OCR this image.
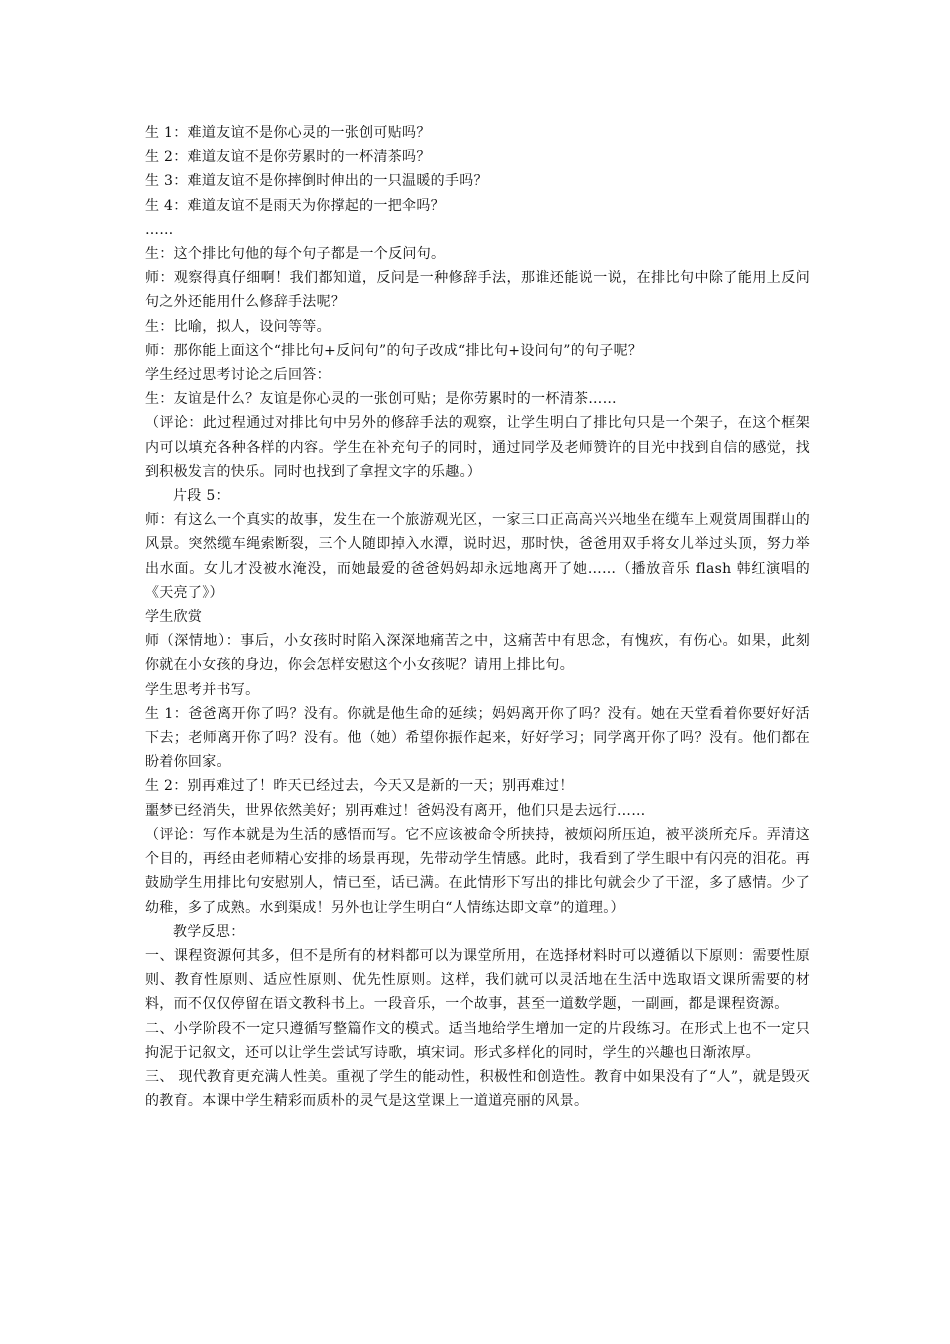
生 1：难道友谊不是你心灵的一张创可贴吗？

生 2：难道友谊不是你劳累时的一杯清茶吗？

生 3：难道友谊不是你摔倒时伸出的一只温暖的手吗？

生 4：难道友谊不是雨天为你撑起的一把伞吗？

……

生：这个排比句他的每个句子都是一个反问句。

师：观察得真仔细啊！我们都知道，反问是一种修辞手法，那谁还能说一说，在排比句中除了能用上反问句之外还能用什么修辞手法呢？

生：比喻，拟人，设问等等。

师：那你能上面这个“排比句+反问句”的句子改成“排比句+设问句”的句子呢？

学生经过思考讨论之后回答：

生：友谊是什么？友谊是你心灵的一张创可贴；是你劳累时的一杯清茶……

（评论：此过程通过对排比句中另外的修辞手法的观察，让学生明白了排比句只是一个架子，在这个框架内可以填充各种各样的内容。学生在补充句子的同时，通过同学及老师赞许的目光中找到自信的感觉，找到积极发言的快乐。同时也找到了拿捏文字的乐趣。）

片段 5：

师：有这么一个真实的故事，发生在一个旅游观光区，一家三口正高高兴兴地坐在缆车上观赏周围群山的风景。突然缆车绳索断裂，三个人随即掉入水潭，说时迟，那时快，爸爸用双手将女儿举过头顶，努力举出水面。女儿才没被水淹没，而她最爱的爸爸妈妈却永远地离开了她……（播放音乐 flash 韩红演唱的《天亮了》）

学生欣赏

师（深情地）：事后，小女孩时时陷入深深地痛苦之中，这痛苦中有思念，有愧疚，有伤心。如果，此刻你就在小女孩的身边，你会怎样安慰这个小女孩呢？请用上排比句。

学生思考并书写。

生 1：爸爸离开你了吗？没有。你就是他生命的延续；妈妈离开你了吗？没有。她在天堂看着你要好好活下去；老师离开你了吗？没有。他（她）希望你振作起来，好好学习；同学离开你了吗？没有。他们都在盼着你回家。

生 2：别再难过了！昨天已经过去，今天又是新的一天；别再难过！

噩梦已经消失，世界依然美好；别再难过！爸妈没有离开，他们只是去远行……

（评论：写作本就是为生活的感悟而写。它不应该被命令所挟持，被烦闷所压迫，被平淡所充斥。弄清这个目的，再经由老师精心安排的场景再现，先带动学生情感。此时，我看到了学生眼中有闪亮的泪花。再鼓励学生用排比句安慰别人，情已至，话已满。在此情形下写出的排比句就会少了干涩，多了感情。少了幼稚，多了成熟。水到渠成！另外也让学生明白“人情练达即文章”的道理。）

教学反思：

一、课程资源何其多，但不是所有的材料都可以为课堂所用，在选择材料时可以遵循以下原则：需要性原则、教育性原则、适应性原则、优先性原则。这样，我们就可以灵活地在生活中选取语文课所需要的材料，而不仅仅停留在语文教科书上。一段音乐，一个故事，甚至一道数学题，一副画，都是课程资源。

二、小学阶段不一定只遵循写整篇作文的模式。适当地给学生增加一定的片段练习。在形式上也不一定只拘泥于记叙文，还可以让学生尝试写诗歌，填宋词。形式多样化的同时，学生的兴趣也日渐浓厚。

三、 现代教育更充满人性美。重视了学生的能动性，积极性和创造性。教育中如果没有了“人”，就是毁灭的教育。本课中学生精彩而质朴的灵气是这堂课上一道道亮丽的风景。
